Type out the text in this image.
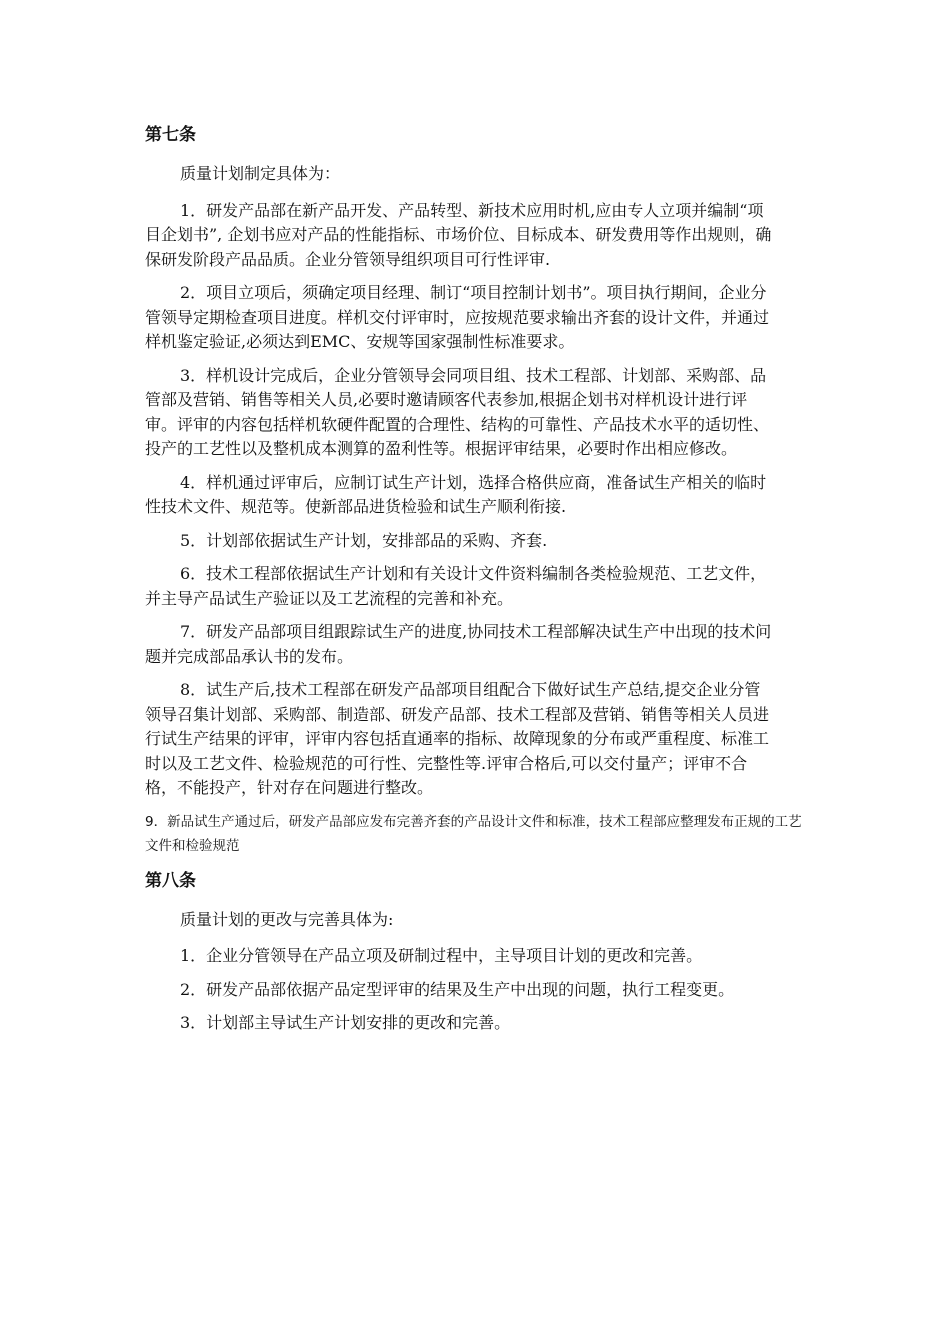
第七条

质量计划制定具体为：

1．研发产品部在新产品开发、产品转型、新技术应用时机,应由专人立项并编制“项目企划书”, 企划书应对产品的性能指标、市场价位、目标成本、研发费用等作出规则，确保研发阶段产品品质。企业分管领导组织项目可行性评审.

2．项目立项后，须确定项目经理、制订“项目控制计划书”。项目执行期间，企业分管领导定期检查项目进度。样机交付评审时，应按规范要求输出齐套的设计文件，并通过样机鉴定验证,必须达到EMC、安规等国家强制性标准要求。

3．样机设计完成后，企业分管领导会同项目组、技术工程部、计划部、采购部、品管部及营销、销售等相关人员,必要时邀请顾客代表参加,根据企划书对样机设计进行评审。评审的内容包括样机软硬件配置的合理性、结构的可靠性、产品技术水平的适切性、投产的工艺性以及整机成本测算的盈利性等。根据评审结果，必要时作出相应修改。

4．样机通过评审后，应制订试生产计划，选择合格供应商，准备试生产相关的临时性技术文件、规范等。使新部品进货检验和试生产顺利衔接.

5．计划部依据试生产计划，安排部品的采购、齐套.

6．技术工程部依据试生产计划和有关设计文件资料编制各类检验规范、工艺文件，并主导产品试生产验证以及工艺流程的完善和补充。

7．研发产品部项目组跟踪试生产的进度,协同技术工程部解决试生产中出现的技术问题并完成部品承认书的发布。

8．试生产后,技术工程部在研发产品部项目组配合下做好试生产总结,提交企业分管领导召集计划部、采购部、制造部、研发产品部、技术工程部及营销、销售等相关人员进行试生产结果的评审，评审内容包括直通率的指标、故障现象的分布或严重程度、标准工时以及工艺文件、检验规范的可行性、完整性等.评审合格后,可以交付量产；评审不合格，不能投产，针对存在问题进行整改。

9．新品试生产通过后，研发产品部应发布完善齐套的产品设计文件和标准，技术工程部应整理发布正规的工艺文件和检验规范

第八条

质量计划的更改与完善具体为:

1．企业分管领导在产品立项及研制过程中，主导项目计划的更改和完善。

2．研发产品部依据产品定型评审的结果及生产中出现的问题，执行工程变更。

3．计划部主导试生产计划安排的更改和完善。
